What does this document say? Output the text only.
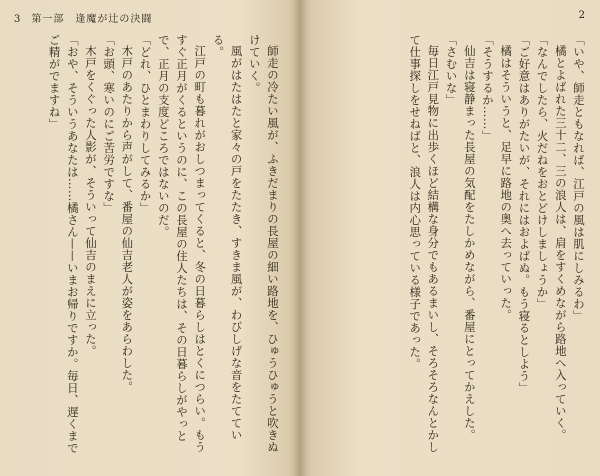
3 第一部　逢魔が辻の決闘

師走の冷たい風が、ふきだまりの長屋の細い路地を、ひゅうひゅうと吹きぬけていく。

風がはたはたと家々の戸をたたき、すきま風が、わびしげな音をたてている。

江戸の町も暮れがおしつまってくると、冬の日暮らしはとくにつらい。もうすぐ正月がくるというのに、この長屋の住人たちは、その日暮らしがやっとで、正月の支度どころではないのだ。

「どれ、ひとまわりしてみるか」

木戸のあたりから声がして、番屋の仙吉老人が姿をあらわした。

「お頭、寒いのにご苦労ですな」

木戸をくぐった人影が、そういって仙吉のまえに立った。

「おや、そういうあなたは……橘さん——いまお帰りですか。毎日、遅くまでご精がでますね」

2

「いや、師走ともなれば、江戸の風は肌にしみるわ」

橘とよばれた三十二、三の浪人は、肩をすくめながら路地へ入っていく。

「なんでしたら、火だねをおとどけしましょうか」

「ご好意はありがたいが、それにはおよばぬ。もう寝るとしよう」

橘はそういうと、足早に路地の奥へ去っていった。

「そうするか……」

仙吉は寝静まった長屋の気配をたしかめながら、番屋にとってかえした。

「さむいな」

毎日江戸見物に出歩くほど結構な身分でもあるまいし、そろそろなんとかして仕事探しをせねばと、浪人は内心思っている様子であった。
